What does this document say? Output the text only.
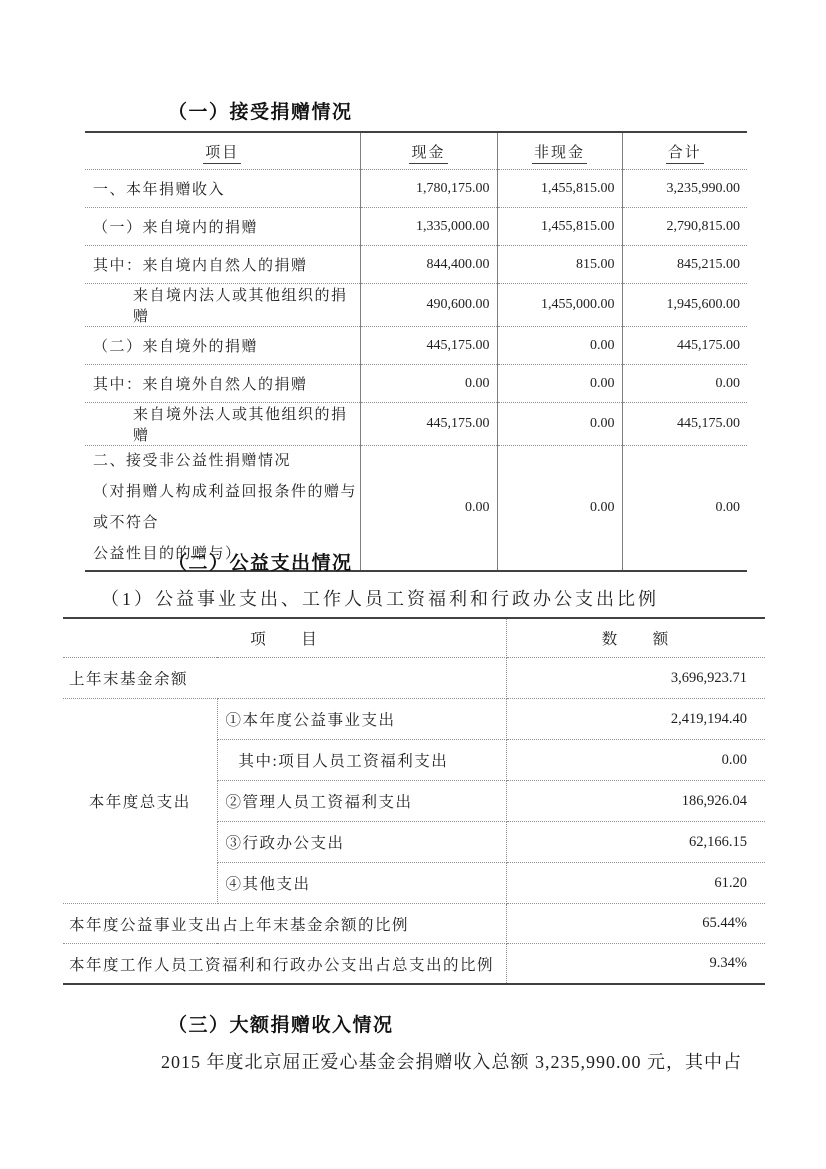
（一）接受捐赠情况
项目	现金	非现金	合计
一、本年捐赠收入	1,780,175.00	1,455,815.00	3,235,990.00
（一）来自境内的捐赠	1,335,000.00	1,455,815.00	2,790,815.00
其中：来自境内自然人的捐赠	844,400.00	815.00	845,215.00
来自境内法人或其他组织的捐赠	490,600.00	1,455,000.00	1,945,600.00
（二）来自境外的捐赠	445,175.00	0.00	445,175.00
其中：来自境外自然人的捐赠	0.00	0.00	0.00
来自境外法人或其他组织的捐赠	445,175.00	0.00	445,175.00

二、接受非公益性捐赠情况
（对捐赠人构成利益回报条件的赠与或不符合
公益性目的的赠与）	0.00	0.00	0.00
（二）公益支出情况
（1）公益事业支出、工作人员工资福利和行政办公支出比例
项　　目		数　　额
上年末基金余额		3,696,923.71
本年度总支出	①本年度公益事业支出	2,419,194.40
	其中:项目人员工资福利支出	0.00
	②管理人员工资福利支出	186,926.04
	③行政办公支出	62,166.15
	④其他支出	61.20
本年度公益事业支出占上年末基金余额的比例		65.44%
本年度工作人员工资福利和行政办公支出占总支出的比例		9.34%
（三）大额捐赠收入情况
2015 年度北京屈正爱心基金会捐赠收入总额 3,235,990.00 元，其中占
